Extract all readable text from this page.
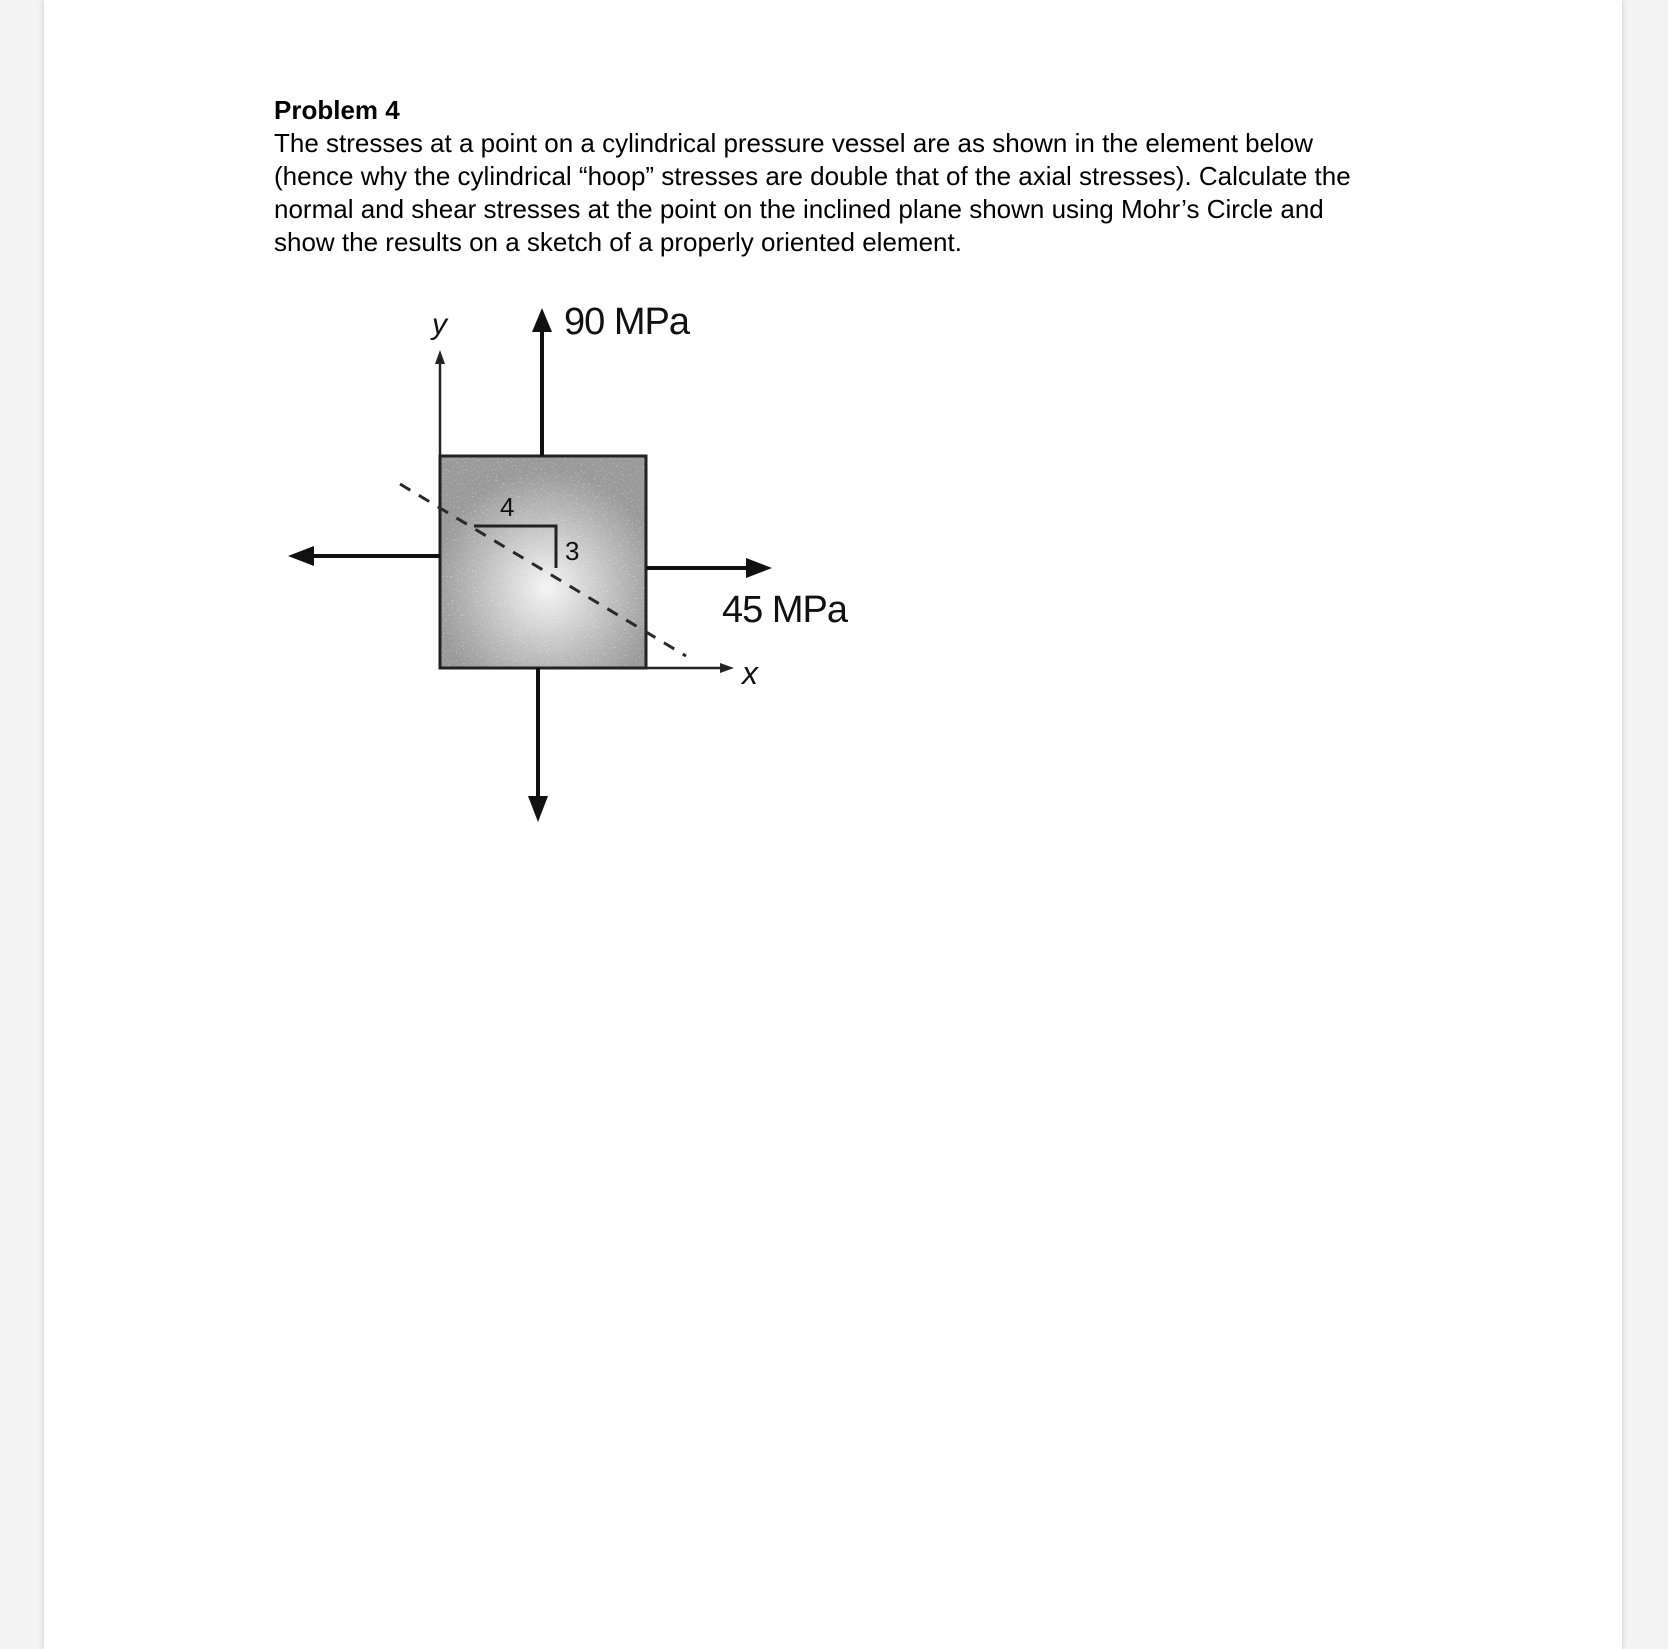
Problem 4

The stresses at a point on a cylindrical pressure vessel are as shown in the element below
(hence why the cylindrical “hoop” stresses are double that of the axial stresses). Calculate the
normal and shear stresses at the point on the inclined plane shown using Mohr’s Circle and
show the results on a sketch of a properly oriented element.

4
3
y
x
90 MPa
45 MPa
